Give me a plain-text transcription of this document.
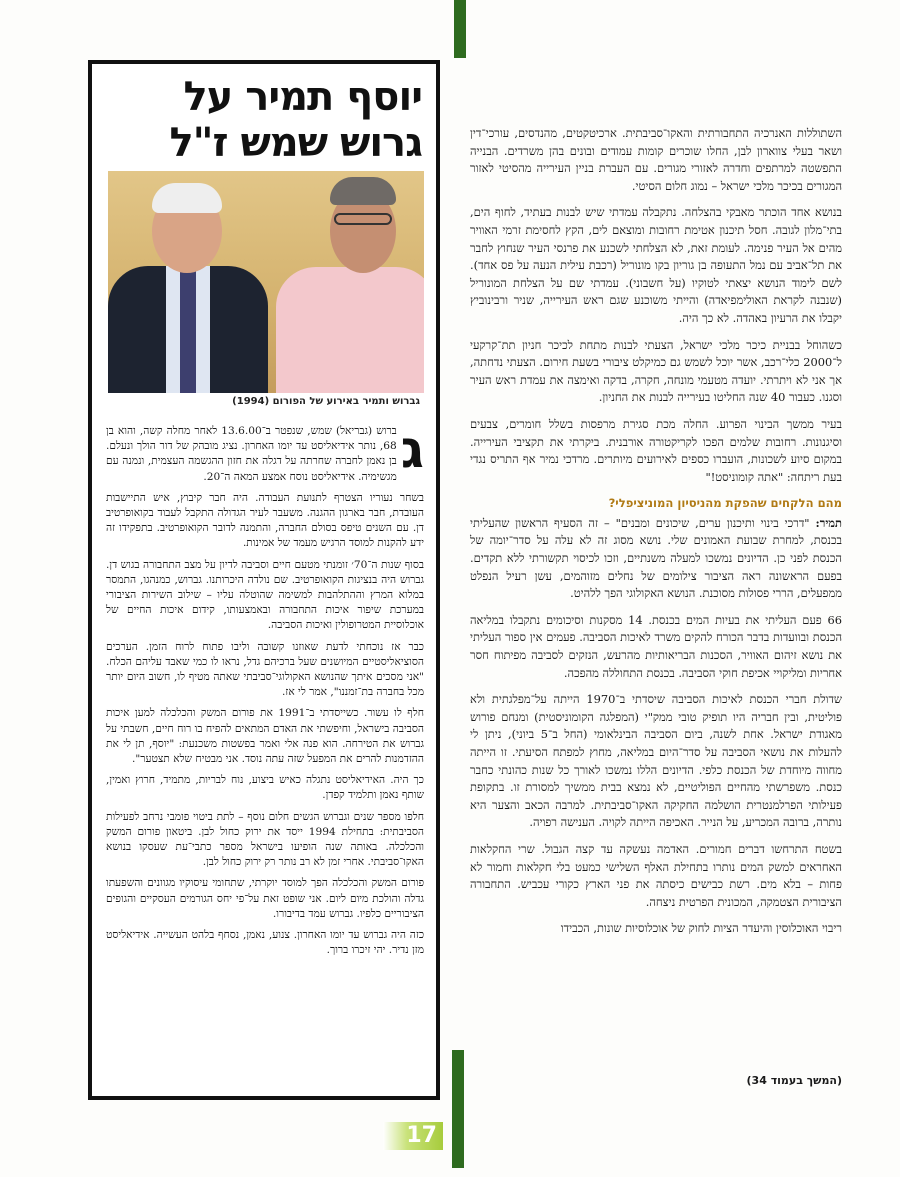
יוסף תמיר על
גרוש שמש ז"ל
גברוש ותמיר באירוע של הפורום (1994)

ג
ברוש (גבריאל) שמש, שנפטר ב־13.6.00 לאחר מחלה קשה, והוא בן 68, נותר אידיאליסט עד יומו האחרון. נציג מובהק של דור הולך ונעלם. בן נאמן לחברה שחרתה על דגלה את חזון ההגשמה העצמית, ונמנה עם מגשימיה. אידיאליסט נוסח אמצע המאה ה־20.

בשחר נעוריו הצטרף לתנועת העבודה. היה חבר קיבוץ, איש התיישבות העובדת, חבר בארגון ההגנה. משעבר לעיר הגדולה התקבל לעבוד בקואופרטיב דן. עם השנים טיפס בסולם החברה, והתמנה לדובר הקואופרטיב. בתפקידו זה ידע להקנות למוסד הרגיש מעמד של אמינות.

בסוף שנות ה־70׳ זומנתי מטעם חיים וסביבה לדיון על מצב התחבורה בגוש דן. גברוש היה בנציגות הקואופרטיב. שם נולדה היכרותנו. גברוש, כמנהגו, התמסר במלוא המרץ וההתלהבות למשימה שהוטלה עליו – שילוב השירות הציבורי במערכת שיפור איכות התחבורה ובאמצעותו, קידום איכות החיים של אוכלוסיית המטרופולין ואיכות הסביבה.

כבר אז נוכחתי לדעת שאוזנו קשובה וליבו פתוח לרוח הזמן. הערכים הסוציאליסטיים המיושנים שעל ברכיהם גדל, נראו לו כמי שאבד עליהם הכלח. "אני מסכים איתך שהנושא האקולוגי־סביבתי שאתה מטיף לו, חשוב היום יותר מכל בחברה בת־זמננו", אמר לי אז.

חלף לו עשור. כשייסדתי ב־1991 את פורום המשק והכלכלה למען איכות הסביבה בישראל, וחיפשתי את האדם המתאים להפיח בו רוח חיים, חשבתי על גברוש את הטירחה. הוא פנה אלי ואמר בפשטות משכנעת: "יוסף, תן לי את ההזדמנות להרים את המפעל שזה עתה נוסד. אני מבטיח שלא תצטער".

כך היה. האידיאליסט נתגלה כאיש ביצוע, נוח לבריות, מתמיד, חרוץ ואמין, שותף נאמן ותלמיד קפדן.

חלפו מספר שנים וגברוש הגשים חלום נוסף – לתת ביטוי פומבי נרחב לפעילות הסביבתית: בתחילת 1994 ייסד את ירוק כחול לבן. ביטאון פורום המשק והכלכלה. באותה שנה הופיעו בישראל מספר כתבי־עת שעסקו בנושא האקו־סביבתי. אחרי זמן לא רב נותר רק ירוק כחול לבן.

פורום המשק והכלכלה הפך למוסד יוקרתי, שתחומי עיסוקיו מגוונים והשפעתו גדלה והולכת מיום ליום. אני שופט זאת על־פי יחס הגורמים העסקיים והגופים הציבוריים כלפיו. גברוש עמד בדיבורו.

כזה היה גברוש עד יומו האחרון. צנוע, נאמן, נסחף בלהט העשייה. אידיאליסט מזן נדיר. יהי זיכרו ברוך.

השתוללות האנרכיה התחבורתית והאקו־סביבתית. ארכיטקטים, מהנדסים, עורכי־דין ושאר בעלי צווארון לבן, החלו שוכרים קומות עמודים ובונים בהן משרדים. הבנייה התפשטה למרתפים וחדרה לאזורי מגורים. עם העברת בניין העירייה מהסיטי לאזור המגורים בכיכר מלכי ישראל – נמוג חלום הסיטי.

בנושא אחד הוכתר מאבקי בהצלחה. נתקבלה עמדתי שיש לבנות בעתיד, לחוף הים, בתי־מלון לגובה. חסל תיכנון אטימת רחובות ומוצאם לים, הקץ לחסימת זרמי האוויר מהים אל העיר פנימה. לעומת זאת, לא הצלחתי לשכנע את פרנסי העיר שנחוץ לחבר את תל־אביב עם נמל התעופה בן גוריון בקו מונוריל (רכבת עילית הנעה על פס אחד). לשם לימוד הנושא יצאתי לטוקיו (על חשבוני). עמדתי שם על הצלחת המונוריל (שנבנה לקראת האולימפיאדה) והייתי משוכנע שגם ראש העירייה, שניר ורבינוביץ יקבלו את הרעיון באהדה. לא כך היה.

כשהוחל בבניית כיכר מלכי ישראל, הצעתי לבנות מתחת לכיכר חניון תת־קרקעי ל־2000 כלי־רכב, אשר יוכל לשמש גם כמיקלט ציבורי בשעת חירום. הצעתי נדחתה, אך אני לא ויתרתי. יועדה מטעמי מונחה, חקרה, בדקה ואימצה את עמדת ראש העיר וסגנו. כעבור 40 שנה החליטו בעירייה לבנות את החניון.

בעיר ממשך הבינוי הפרוע. החלה מכת סגירת מרפסות בשלל חומרים, צבעים וסיגנונות. רחובות שלמים הפכו לקריקטורה אורבנית. ביקרתי את תקציבי העירייה. במקום סיוע לשכונות, הועברו כספים לאירועים מיותרים. מרדכי נמיר אף התריס נגדי בעת ריתחה: "אתה קומוניסט!"

מהם הלקחים שהפקת מהניסיון המוניציפלי?

תמיר: "דרכי בינוי ותיכנון ערים, שיכונים ומבנים" – זה הסעיף הראשון שהעליתי בכנסת, למחרת שבועת האמונים שלי. נושא מסוג זה לא עלה על סדר־יומה של הכנסת לפני כן. הדיונים נמשכו למעלה משנתיים, וזכו לכיסוי תקשורתי ללא תקדים. בפעם הראשונה ראה הציבור צילומים של נחלים מזוהמים, עשן רעיל הנפלט ממפעלים, הררי פסולות מסוכנת. הנושא האקולוגי הפך ללהיט.

66 פעם העליתי את בעיות המים בכנסת. 14 מסקנות וסיכומים נתקבלו במליאה הכנסת ובוועדות בדבר הכורח להקים משרד לאיכות הסביבה. פעמים אין ספור העליתי את נושא זיהום האוויר, הסכנות הבריאותיות מהרעש, הנזקים לסביבה מפיתוח חסר אחריות ומליקויי אכיפת חוקי הסביבה. בכנסת התחוללה מהפכה.

שדולת חברי הכנסת לאיכות הסביבה שיסדתי ב־1970 הייתה על־מפלגתית ולא פוליטית, ובין חבריה היו תופיק טובי ממק"י (המפלגה הקומוניסטית) ומנחם פורוש מאגודת ישראל. אחת לשנה, ביום הסביבה הבינלאומי (החל ב־5 ביוני), ניתן לי להעלות את נושאי הסביבה על סדר־היום במליאה, מחוץ למפתח הסיעתי. זו הייתה מחווה מיוחדת של הכנסת כלפי. הדיונים הללו נמשכו לאורך כל שנות כהונתי כחבר כנסת. משפרשתי מהחיים הפוליטיים, לא נמצא בבית ממשיך למסורת זו. בתקופת פעילותי הפרלמנטרית הושלמה החקיקה האקו־סביבתית. למרבה הכאב והצער היא נותרה, ברובה המכריע, על הנייר. האכיפה הייתה לקויה. הענישה רפויה.

בשטח התרחשו דברים חמורים. האדמה נעשקה עד קצה הגבול. שרי החקלאות האחראים למשק המים נותרו בתחילת האלף השלישי כמעט בלי חקלאות וחמור לא פחות – בלא מים. רשת כבישים כיסתה את פני הארץ כקורי עכביש. התחבורה הציבורית הצטמקה, המכונית הפרטית ניצחה.

ריבוי האוכלוסין והיעדר הציות לחוק של אוכלוסיות שונות, הכבידו

(המשך בעמוד 34)
17
